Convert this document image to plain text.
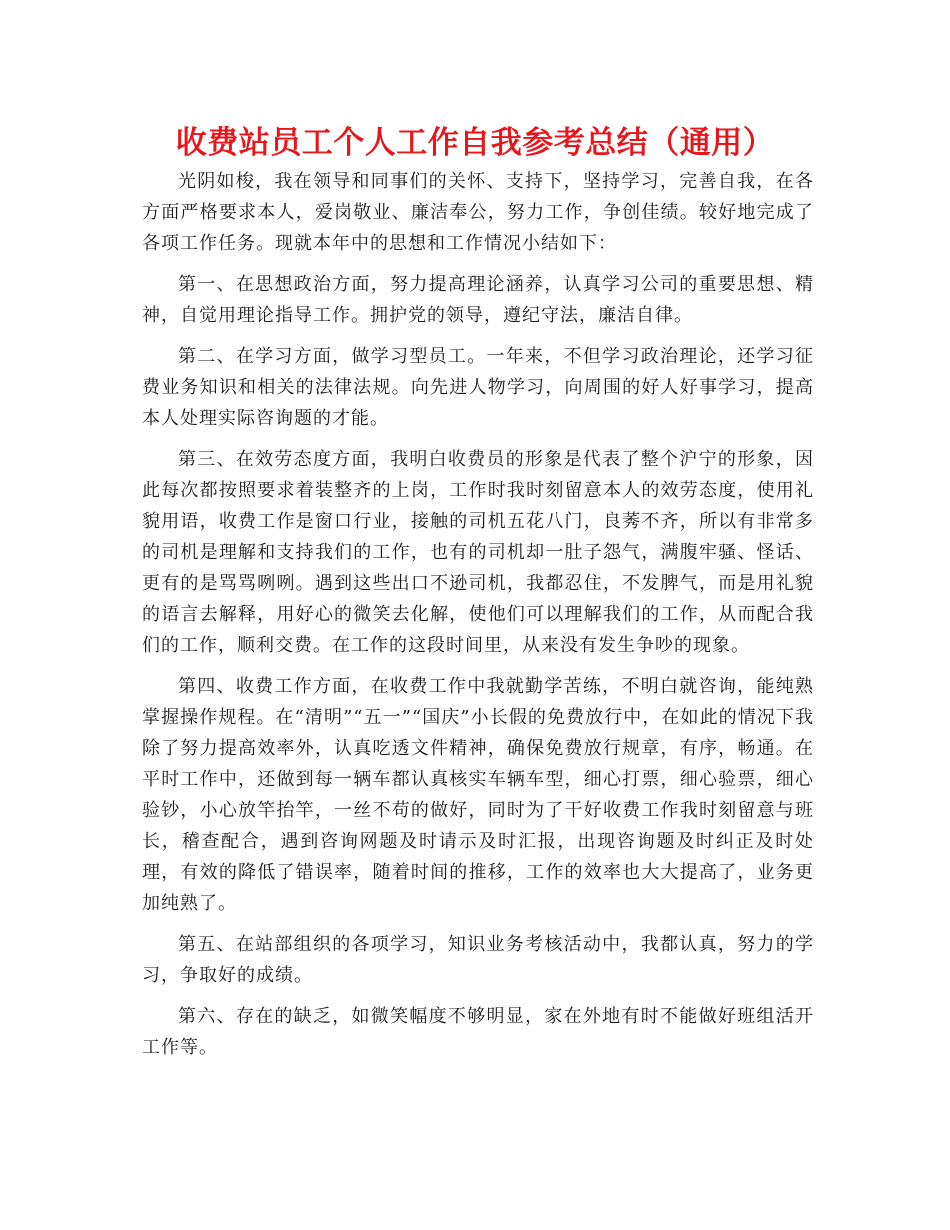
收费站员工个人工作自我参考总结（通用）

光阴如梭，我在领导和同事们的关怀、支持下，坚持学习，完善自我，在各方面严格要求本人，爱岗敬业、廉洁奉公，努力工作，争创佳绩。较好地完成了各项工作任务。现就本年中的思想和工作情况小结如下：

第一、在思想政治方面，努力提高理论涵养，认真学习公司的重要思想、精神，自觉用理论指导工作。拥护党的领导，遵纪守法，廉洁自律。

第二、在学习方面，做学习型员工。一年来，不但学习政治理论，还学习征费业务知识和相关的法律法规。向先进人物学习，向周围的好人好事学习，提高本人处理实际咨询题的才能。

第三、在效劳态度方面，我明白收费员的形象是代表了整个沪宁的形象，因此每次都按照要求着装整齐的上岗，工作时我时刻留意本人的效劳态度，使用礼貌用语，收费工作是窗口行业，接触的司机五花八门，良莠不齐，所以有非常多的司机是理解和支持我们的工作，也有的司机却一肚子怨气，满腹牢骚、怪话、更有的是骂骂咧咧。遇到这些出口不逊司机，我都忍住，不发脾气，而是用礼貌的语言去解释，用好心的微笑去化解，使他们可以理解我们的工作，从而配合我们的工作，顺利交费。在工作的这段时间里，从来没有发生争吵的现象。

第四、收费工作方面，在收费工作中我就勤学苦练，不明白就咨询，能纯熟掌握操作规程。在“清明”“五一”“国庆”小长假的免费放行中，在如此的情况下我除了努力提高效率外，认真吃透文件精神，确保免费放行规章，有序，畅通。在平时工作中，还做到每一辆车都认真核实车辆车型，细心打票，细心验票，细心验钞，小心放竿抬竿，一丝不苟的做好，同时为了干好收费工作我时刻留意与班长，稽查配合，遇到咨询网题及时请示及时汇报，出现咨询题及时纠正及时处理，有效的降低了错误率，随着时间的推移，工作的效率也大大提高了，业务更加纯熟了。

第五、在站部组织的各项学习，知识业务考核活动中，我都认真，努力的学习，争取好的成绩。

第六、存在的缺乏，如微笑幅度不够明显，家在外地有时不能做好班组活开工作等。
